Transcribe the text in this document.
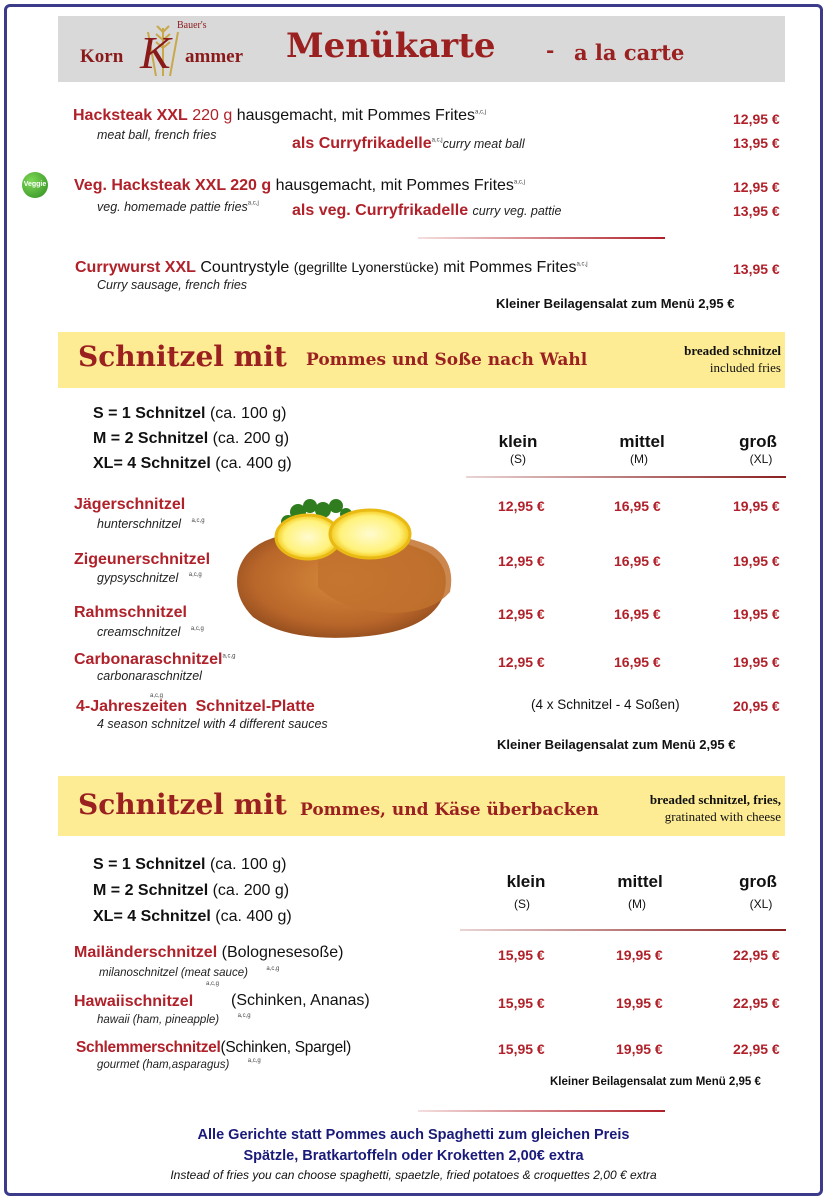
Bauer's
Korn K ammer Menükarte	- a la carte
Hacksteak XXL 220 g hausgemacht, mit Pommes Frites$^{a,c,j}$
meat ball, french fries
12,95 €
als Curryfrikadelle$^{a,c,j}$curry meat ball	13,95 €
Veggie Veg. Hacksteak XXL 220 g hausgemacht, mit Pommes Frites$^{a,c,j}$
veg. homemade pattie fries$^{a,c,j}$
12,95 €
als veg. Curryfrikadelle curry veg. pattie	13,95 €
Currywurst XXL Countrystyle (gegrillte Lyonerstücke) mit Pommes Frites$^{a,c,j}$
Curry sausage, french fries
13,95 €
Kleiner Beilagensalat zum Menü 2,95 €
Schnitzel mit Pommes und Soße nach Wahl	breaded schnitzel
included fries
S = 1 Schnitzel (ca. 100 g)
M = 2 Schnitzel (ca. 200 g)
XL= 4 Schnitzel (ca. 400 g)
klein
(S)
mittel
(M)
groß
(XL)
Jägerschnitzel
hunterschnitzel $^{a,c,g}$
12,95 €	16,95 €	19,95 €
Zigeunerschnitzel
gypsyschnitzel $^{a,c,g}$
12,95 €	16,95 €	19,95 €
Rahmschnitzel
creamschnitzel $^{a,c,g}$
12,95 €	16,95 €	19,95 €
Carbonaraschnitzel$^{a,c,g}$
carbonaraschnitzel
12,95 €	16,95 €	19,95 €
4-Jahreszeiten Schnitzel-Platte
a,c,g
4 season schnitzel with 4 different sauces
(4 x Schnitzel - 4 Soßen)	20,95 €
Kleiner Beilagensalat zum Menü 2,95 €
Schnitzel mit Pommes, und Käse überbacken
breaded schnitzel, fries,
gratinated with cheese
S = 1 Schnitzel (ca. 100 g)
M = 2 Schnitzel (ca. 200 g)
XL= 4 Schnitzel (ca. 400 g)
klein
(S)
mittel
(M)
groß
(XL)
Mailänderschnitzel (Bolognesesoße)
milanoschnitzel (meat sauce)	$^{a,c,g}$
15,95 €	19,95 €	22,95 €
a,c,g
Hawaiischnitzel (Schinken, Ananas)
hawaii (ham, pineapple)	$^{a,c,g}$
15,95 €	19,95 €	22,95 €
Schlemmerschnitzel(Schinken, Spargel)
gourmet (ham,asparagus)	$^{a,c,g}$
15,95 €	19,95 €	22,95 €
Kleiner Beilagensalat zum Menü 2,95 €
Alle Gerichte statt Pommes auch Spaghetti zum gleichen Preis
Spätzle, Bratkartoffeln oder Kroketten 2,00€ extra
Instead of fries you can choose spaghetti, spaetzle, fried potatoes & croquettes 2,00 € extra
